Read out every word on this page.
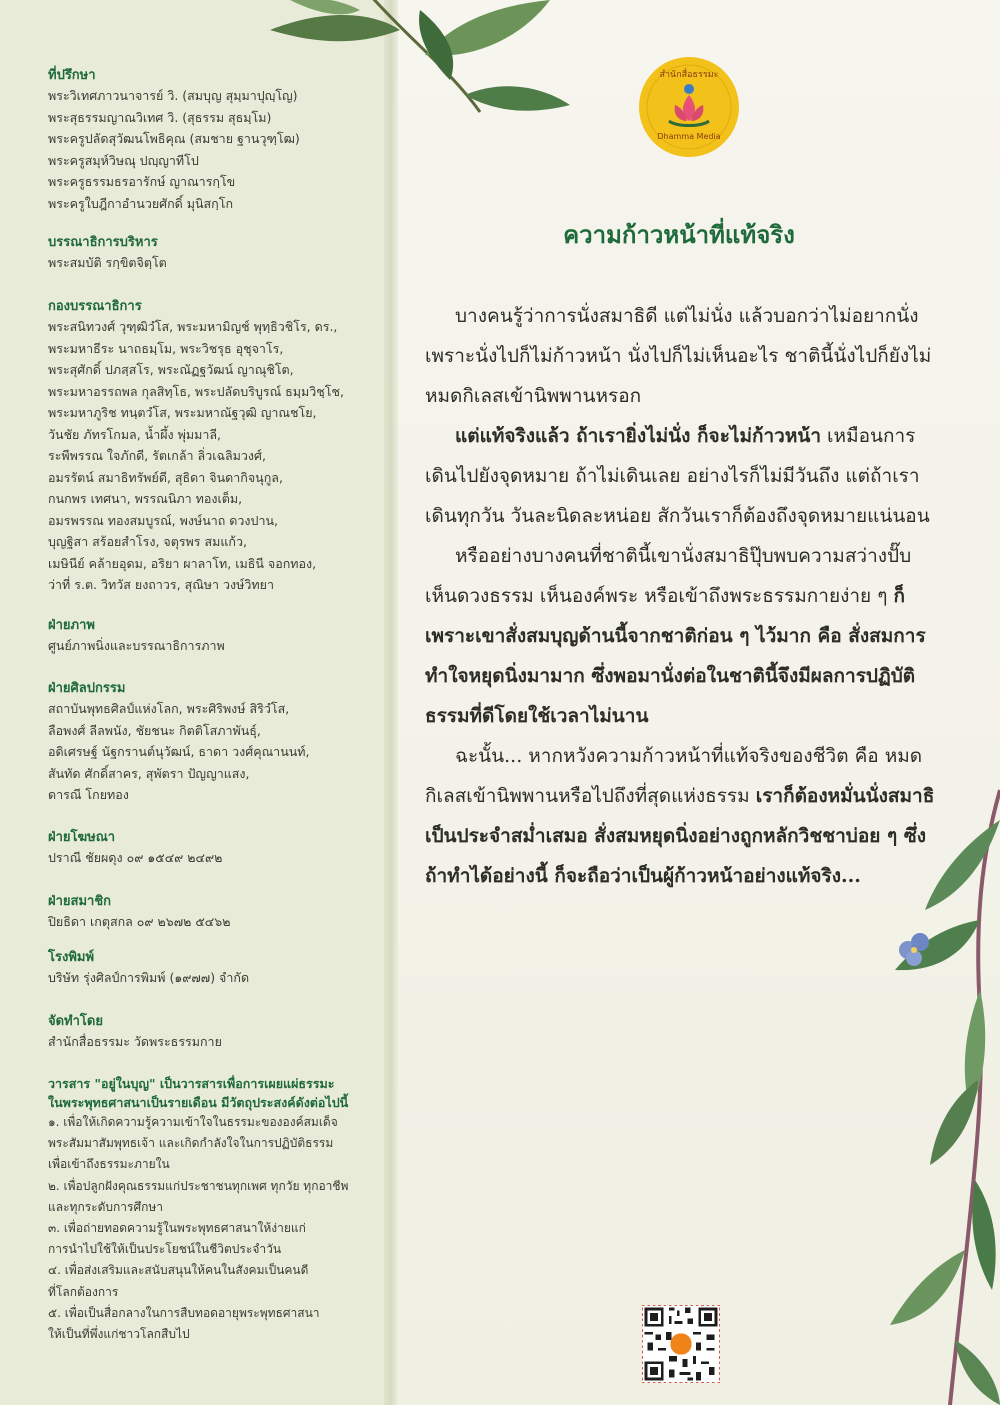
ที่ปรึกษา
พระวิเทศภาวนาจารย์ วิ. (สมบุญ สุมฺมาปุญฺโญ)
พระสุธรรมญาณวิเทศ วิ. (สุธรรม สุธมฺโม)
พระครูปลัดสุวัฒนโพธิคุณ (สมชาย ฐานวุฑฺโฒ)
พระครูสมุห์วิษณุ ปญฺญาทีโป
พระครูธรรมธรอารักษ์ ญาณารกฺโข
พระครูใบฎีกาอำนวยศักดิ์ มุนิสกฺโก
บรรณาธิการบริหาร
พระสมบัติ รกฺขิตจิตฺโต
กองบรรณาธิการ
พระสนิทวงศ์ วุฑฺฒิวํโส, พระมหามิญช์ พุทฺธิวชิโร, ดร.,
พระมหาธีระ นาถธมฺโม, พระวิชรุธ อุชุจาโร,
พระสุศักดิ์ ปภสฺสโร, พระณัฏฐวัฒน์ ญาณุชิโต,
พระมหาอรรถพล กุลสิทฺโธ, พระปลัดบริบูรณ์ ธมฺมวิชฺโช,
พระมหาภูริช ทนฺตวํโส, พระมหาณัฐวุฒิ ญาณชโย,
วันชัย ภัทรโกมล, น้ำผึ้ง พุ่มมาลี,
ระพีพรรณ ใจภักดี, รัตเกล้า ลิ่วเฉลิมวงศ์,
อมรรัตน์ สมาธิทรัพย์ดี, สุธิดา จินดากิจนุกูล,
กนกพร เทศนา, พรรณนิภา ทองเต็ม,
อมรพรรณ ทองสมบูรณ์, พงษ์นาถ ดวงปาน,
บุญฐิสา สร้อยสำโรง, จตุรพร สมแก้ว,
เมษินีย์ คล้ายอุดม, อริยา ผาลาโท, เมธินี จอกทอง,
ว่าที่ ร.ต. วิทวัส ยงถาวร, สุณิษา วงษ์วิทยา
ฝ่ายภาพ
ศูนย์ภาพนิ่งและบรรณาธิการภาพ
ฝ่ายศิลปกรรม
สถาบันพุทธศิลป์แห่งโลก, พระศิริพงษ์ สิริวํโส,
ลือพงศ์ ลีลพนัง, ชัยชนะ กิตติโสภาพันธุ์,
อดิเศรษฐ์ นัฐกรานต์นุวัฒน์, ธาดา วงศ์คุณานนท์,
สันทัด ศักดิ์สาคร, สุพัตรา ปัญญาแสง,
ดารณี โกยทอง
ฝ่ายโฆษณา
ปราณี ชัยผดุง ๐๙ ๑๕๔๙ ๒๔๙๒
ฝ่ายสมาชิก
ปิยธิดา เกตุสกล ๐๙ ๒๖๗๒ ๕๔๖๒
โรงพิมพ์
บริษัท รุ่งศิลป์การพิมพ์ (๑๙๗๗) จำกัด
จัดทำโดย
สำนักสื่อธรรมะ วัดพระธรรมกาย
วารสาร "อยู่ในบุญ" เป็นวารสารเพื่อการเผยแผ่ธรรมะ
ในพระพุทธศาสนาเป็นรายเดือน มีวัตถุประสงค์ดังต่อไปนี้
๑. เพื่อให้เกิดความรู้ความเข้าใจในธรรมะขององค์สมเด็จ
พระสัมมาสัมพุทธเจ้า และเกิดกำลังใจในการปฏิบัติธรรม
เพื่อเข้าถึงธรรมะภายใน
๒. เพื่อปลูกฝังคุณธรรมแก่ประชาชนทุกเพศ ทุกวัย ทุกอาชีพ
และทุกระดับการศึกษา
๓. เพื่อถ่ายทอดความรู้ในพระพุทธศาสนาให้ง่ายแก่
การนำไปใช้ให้เป็นประโยชน์ในชีวิตประจำวัน
๔. เพื่อส่งเสริมและสนับสนุนให้คนในสังคมเป็นคนดี
ที่โลกต้องการ
๕. เพื่อเป็นสื่อกลางในการสืบทอดอายุพระพุทธศาสนา
ให้เป็นที่พึ่งแก่ชาวโลกสืบไป
สำนักสื่อธรรมะ
Dhamma Media
ความก้าวหน้าที่แท้จริง

บางคนรู้ว่าการนั่งสมาธิดี แต่ไม่นั่ง แล้วบอกว่าไม่อยากนั่ง เพราะนั่งไปก็ไม่ก้าวหน้า นั่งไปก็ไม่เห็นอะไร ชาตินี้นั่งไปก็ยังไม่หมดกิเลสเข้านิพพานหรอก

แต่แท้จริงแล้ว ถ้าเรายิ่งไม่นั่ง ก็จะไม่ก้าวหน้า เหมือนการเดินไปยังจุดหมาย ถ้าไม่เดินเลย อย่างไรก็ไม่มีวันถึง แต่ถ้าเราเดินทุกวัน วันละนิดละหน่อย สักวันเราก็ต้องถึงจุดหมายแน่นอน

หรืออย่างบางคนที่ชาตินี้เขานั่งสมาธิปุ๊บพบความสว่างปั๊บ เห็นดวงธรรม เห็นองค์พระ หรือเข้าถึงพระธรรมกายง่าย ๆ ก็เพราะเขาสั่งสมบุญด้านนี้จากชาติก่อน ๆ ไว้มาก คือ สั่งสมการทำใจหยุดนิ่งมามาก ซึ่งพอมานั่งต่อในชาตินี้จึงมีผลการปฏิบัติธรรมที่ดีโดยใช้เวลาไม่นาน

ฉะนั้น... หากหวังความก้าวหน้าที่แท้จริงของชีวิต คือ หมดกิเลสเข้านิพพานหรือไปถึงที่สุดแห่งธรรม เราก็ต้องหมั่นนั่งสมาธิเป็นประจำสม่ำเสมอ สั่งสมหยุดนิ่งอย่างถูกหลักวิชชาบ่อย ๆ ซึ่งถ้าทำได้อย่างนี้ ก็จะถือว่าเป็นผู้ก้าวหน้าอย่างแท้จริง...
